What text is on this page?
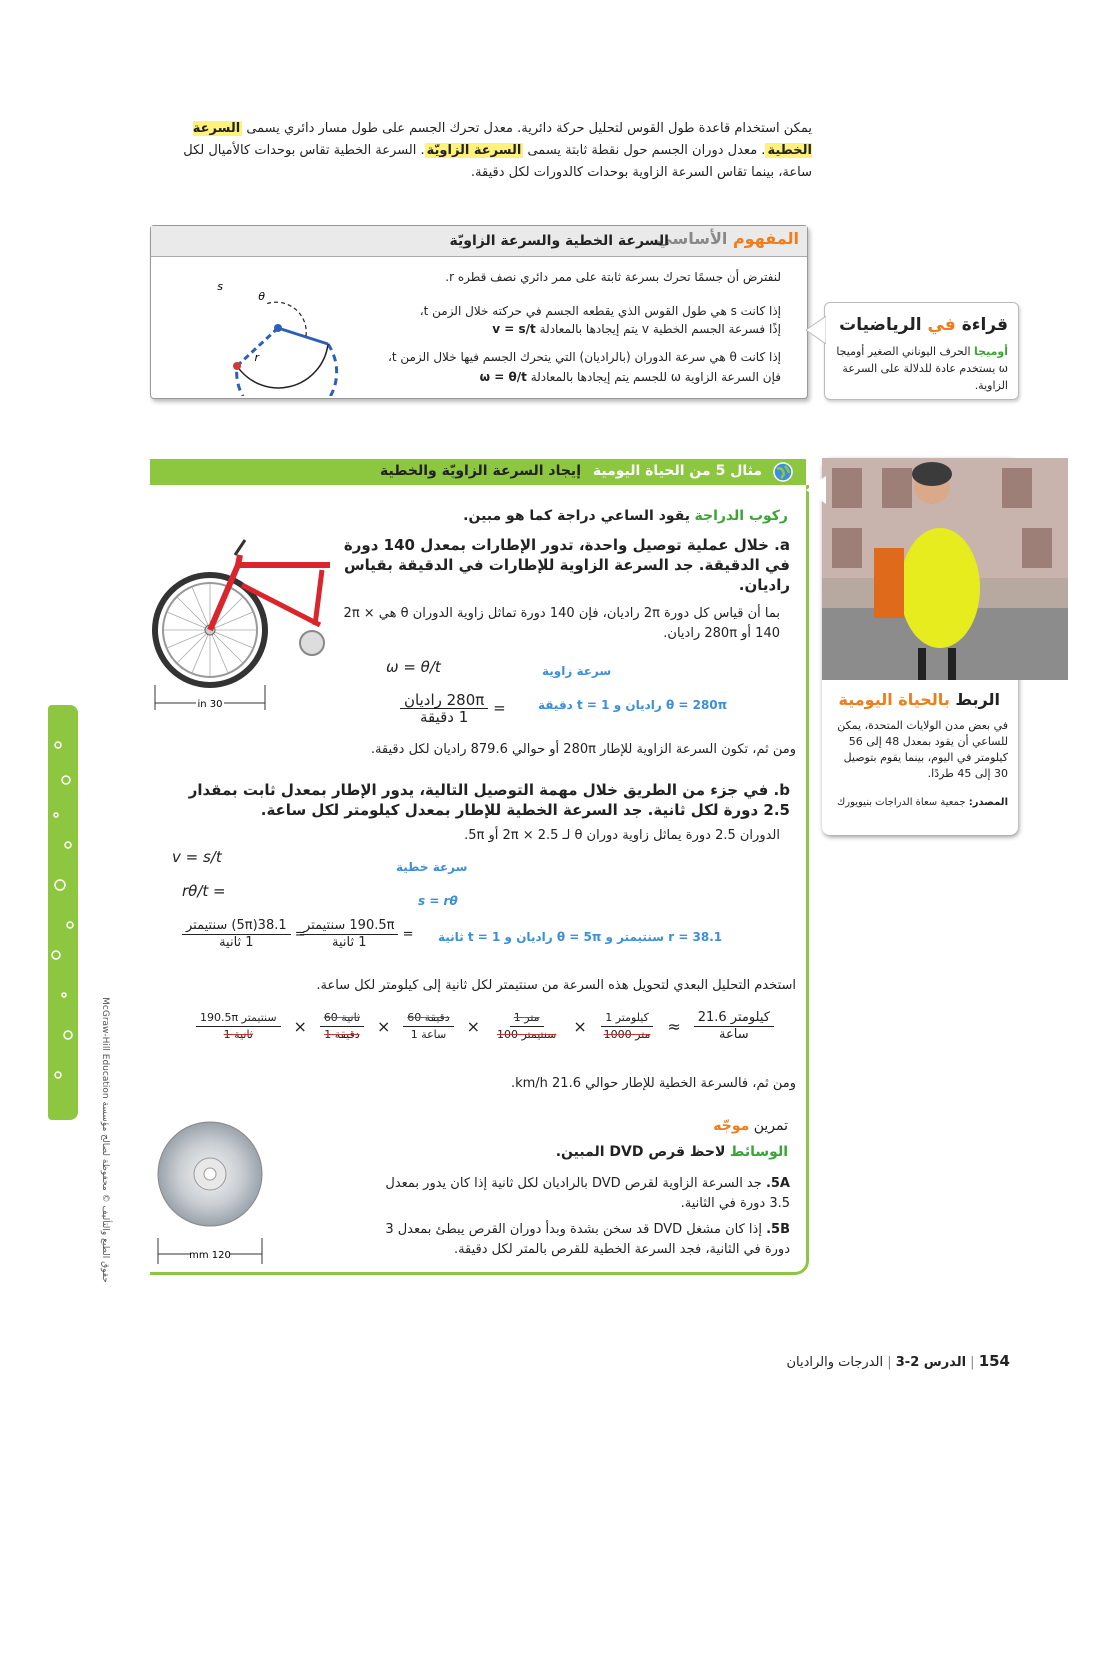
يمكن استخدام قاعدة طول القوس لتحليل حركة دائرية. معدل تحرك الجسم على طول مسار دائري يسمى السرعة الخطية. معدل دوران الجسم حول نقطة ثابتة يسمى السرعة الزاويّة. السرعة الخطية تقاس بوحدات كالأميال لكل ساعة، بينما تقاس السرعة الزاوية بوحدات كالدورات لكل دقيقة.
المفهوم الأساسي
السرعة الخطية والسرعة الزاويّة
لنفترض أن جسمًا تحرك بسرعة ثابتة على ممر دائري نصف قطره r.
إذا كانت s هي طول القوس الذي يقطعه الجسم في حركته خلال الزمن t،
إذًا فسرعة الجسم الخطية v يتم إيجادها بالمعادلة v = s/t
إذا كانت θ هي سرعة الدوران (بالراديان) التي يتحرك الجسم فيها خلال الزمن t،
فإن السرعة الزاوية ω للجسم يتم إيجادها بالمعادلة ω = θ/t
s
θ
r
قراءة في الرياضيات
أوميجا الحرف اليوناني الصغير أوميجا ω يستخدم عادة للدلالة على السرعة الزاوية.
مثال 5 من الحياة اليومية
إيجاد السرعة الزاويّة والخطية
ركوب الدراجة يقود الساعي دراجة كما هو مبين.
a. خلال عملية توصيل واحدة، تدور الإطارات بمعدل 140 دورة في الدقيقة. جد السرعة الزاوية للإطارات في الدقيقة بقياس راديان.
بما أن قياس كل دورة 2π راديان، فإن 140 دورة تماثل زاوية الدوران θ هي 2π × 140 أو 280π راديان.
ω = θ/t	سرعة زاوية
=
$\frac{\text{280π راديان}}{\text{1 دقيقة}}$	θ = 280π راديان و t = 1 دقيقة
ومن ثم، تكون السرعة الزاوية للإطار 280π أو حوالي 879.6 راديان لكل دقيقة.
b. في جزء من الطريق خلال مهمة التوصيل التالية، يدور الإطار بمعدل ثابت بمقدار 2.5 دورة لكل ثانية. جد السرعة الخطية للإطار بمعدل كيلومتر لكل ساعة.
الدوران 2.5 دورة يماثل زاوية دوران θ لـ 2π × 2.5 أو 5π.
v = s/t
سرعة خطية
= rθ/t
s = rθ
=
$\frac{\text{38.1(5π) سنتيمتر}}{\text{1 ثانية}}$	=
$\frac{\text{190.5π سنتيمتر}}{\text{1 ثانية}}$	r = 38.1 سنتيمتر و θ = 5π راديان و t = 1 ثانية
استخدم التحليل البعدي لتحويل هذه السرعة من سنتيمتر لكل ثانية إلى كيلومتر لكل ساعة.
$\frac{\text{190.5π سنتيمتر}}{\text{1 ثانية}} \times \frac{\text{60 ثانية}}{\text{1 دقيقة}} \times \frac{\text{60 دقيقة}}{\text{1 ساعة}} \times \frac{\text{1 متر}}{\text{100 سنتيمتر}} \times \frac{\text{1 كيلومتر}}{\text{1000 متر}} \approx \frac{\text{21.6 كيلومتر}}{\text{ساعة}}$
ومن ثم، فالسرعة الخطية للإطار حوالي 21.6 km/h.
تمرين موجّه
الوسائط لاحظ قرص DVD المبين.
5A. جد السرعة الزاوية لقرص DVD بالراديان لكل ثانية إذا كان يدور بمعدل 3.5 دورة في الثانية.
5B. إذا كان مشغل DVD قد سخن بشدة وبدأ دوران القرص يبطئ بمعدل 3 دورة في الثانية، فجد السرعة الخطية للقرص بالمتر لكل دقيقة.
30 in
120 mm
الربط بالحياة اليومية
في بعض مدن الولايات المتحدة، يمكن للساعي أن يقود بمعدل 48 إلى 56 كيلومتر في اليوم، بينما يقوم بتوصيل 30 إلى 45 طردًا.
المصدر: جمعية سعاة الدراجات بنيويورك
حقوق الطبع والتأليف © محفوظة لصالح مؤسسة McGraw-Hill Education
154 | الدرس 2-3 | الدرجات والراديان
